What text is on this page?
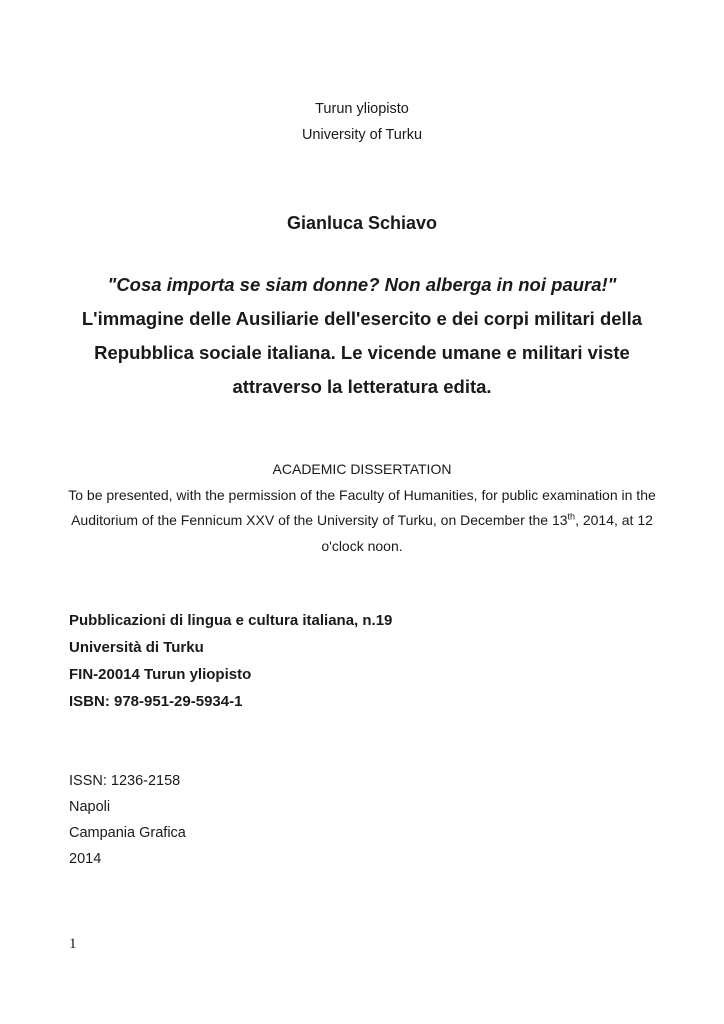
Turun yliopisto
University of Turku
Gianluca Schiavo
"Cosa importa se siam donne? Non alberga in noi paura!"
L'immagine delle Ausiliarie dell'esercito e dei corpi militari della Repubblica sociale italiana. Le vicende umane e militari viste attraverso la letteratura edita.
ACADEMIC DISSERTATION
To be presented, with the permission of the Faculty of Humanities, for public examination in the Auditorium of the Fennicum XXV of the University of Turku, on December the 13th, 2014, at 12 o'clock noon.
Pubblicazioni di lingua e cultura italiana, n.19
Università di Turku
FIN-20014 Turun yliopisto
ISBN: 978-951-29-5934-1
ISSN: 1236-2158
Napoli
Campania Grafica
2014
1
